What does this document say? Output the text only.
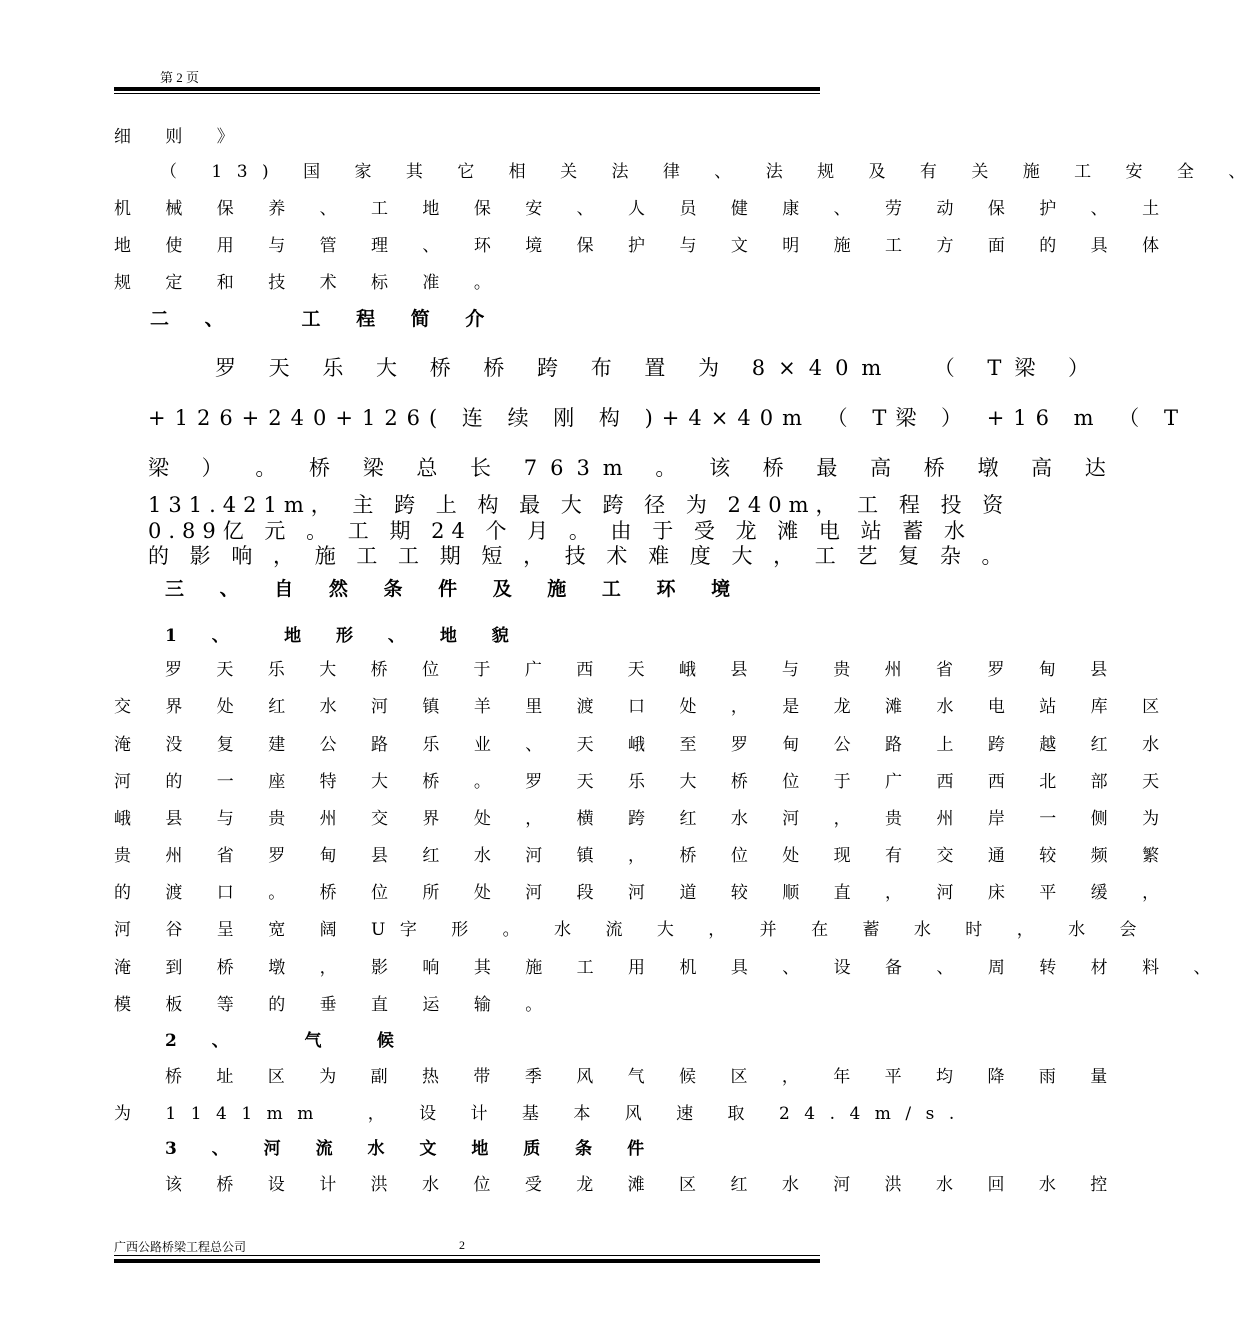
第 2 页
细 则 》
（ 13) 国 家 其 它 相 关 法 律 、 法 规 及 有 关 施 工 安 全 、
机 械 保 养 、 工 地 保 安 、 人 员 健 康 、 劳 动 保 护 、 土
地 使 用 与 管 理 、 环 境 保 护 与 文 明 施 工 方 面 的 具 体
规 定 和 技 术 标 准 。
二 、   工 程 简 介
罗 天 乐 大 桥 桥 跨 布 置 为 8×40m  （ T梁 ）
+126+240+126( 连 续 刚 构 )+4×40m （ T梁 ） +16 m （ T
梁 ） 。 桥 梁 总 长 763m 。 该 桥 最 高 桥 墩 高 达
131.421m， 主 跨 上 构 最 大 跨 径 为 240m， 工 程 投 资
0.89亿 元 。 工 期 24 个 月 。 由 于 受 龙 滩 电 站 蓄 水
的 影 响 ， 施 工 工 期 短 ， 技 术 难 度 大 ， 工 艺 复 杂 。
三 、 自 然 条 件 及 施 工 环 境
1 、  地 形 、 地 貌
罗 天 乐 大 桥 位 于 广 西 天 峨 县 与 贵 州 省 罗 甸 县
交 界 处 红 水 河 镇 羊 里 渡 口 处 ， 是 龙 滩 水 电 站 库 区
淹 没 复 建 公 路 乐 业 、 天 峨 至 罗 甸 公 路 上 跨 越 红 水
河 的 一 座 特 大 桥 。 罗 天 乐 大 桥 位 于 广 西 西 北 部 天
峨 县 与 贵 州 交 界 处 ， 横 跨 红 水 河 ， 贵 州 岸 一 侧 为
贵 州 省 罗 甸 县 红 水 河 镇 ， 桥 位 处 现 有 交 通 较 频 繁
的 渡 口 。 桥 位 所 处 河 段 河 道 较 顺 直 ， 河 床 平 缓 ，
河 谷 呈 宽 阔 U字 形 。 水 流 大 ， 并 在 蓄 水 时 ， 水 会
淹 到 桥 墩 ， 影 响 其 施 工 用 机 具 、 设 备 、 周 转 材 料 、
模 板 等 的 垂 直 运 输 。
2 、   气  候
桥 址 区 为 副 热 带 季 风 气 候 区 ， 年 平 均 降 雨 量
为 1141mm  ， 设 计 基 本 风 速 取 24.4m/s.
3 、 河 流 水 文 地 质 条 件
该 桥 设 计 洪 水 位 受 龙 滩 区 红 水 河 洪 水 回 水 控
广西公路桥梁工程总公司	2
